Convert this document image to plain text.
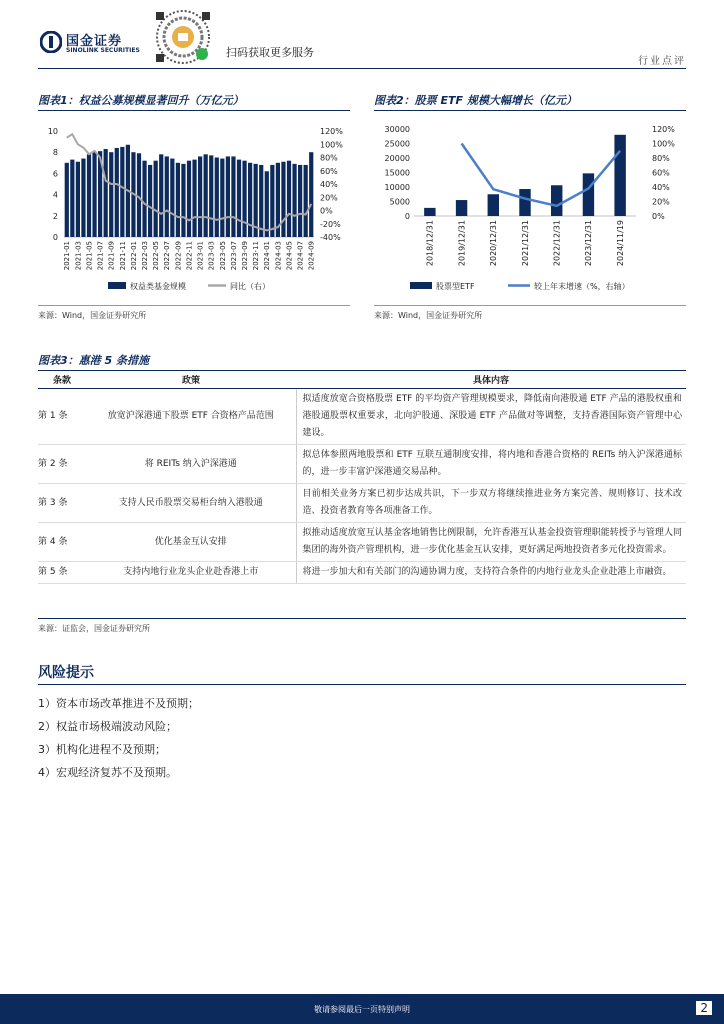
国金证券
SINOLINK SECURITIES	扫码获取更多服务
行业点评
图表1：权益公募规模显著回升（万亿元）
0
2
4
6
8
10
-40%
-20%
0%
20%
40%
60%
80%
100%
120%
2021-01 2021-03 2021-05 2021-07 2021-09 2021-11 2022-01 2022-03 2022-05 2022-07 2022-09 2022-11 2023-01 2023-03 2023-05 2023-07 2023-09 2023-11 2024-01 2024-03 2024-05 2024-07 2024-09
权益类基金规模	同比（右）
来源：Wind，国金证券研究所
图表2：股票 ETF 规模大幅增长（亿元）
0
5000
10000
15000
20000
25000
30000
0%
20%
40%
60%
80%
100%
120%
2018/12/31	2019/12/31	2020/12/31	2021/12/31	2022/12/31	2023/12/31	2024/11/19
股票型ETF	较上年末增速（%，右轴）
来源：Wind，国金证券研究所
图表3：惠港 5 条措施
条款	政策	具体内容
第 1 条	放宽沪深港通下股票 ETF 合资格产品范围	拟适度放宽合资格股票 ETF 的平均资产管理规模要求，降低南向港股通 ETF 产品的港股权重和港股通股票权重要求，北向沪股通、深股通 ETF 产品做对等调整，支持香港国际资产管理中心建设。
第 2 条	将 REITs 纳入沪深港通	拟总体参照两地股票和 ETF 互联互通制度安排，将内地和香港合资格的 REITs 纳入沪深港通标的，进一步丰富沪深港通交易品种。
第 3 条	支持人民币股票交易柜台纳入港股通	目前相关业务方案已初步达成共识，下一步双方将继续推进业务方案完善、规则修订、技术改造、投资者教育等各项准备工作。
第 4 条	优化基金互认安排	拟推动适度放宽互认基金客地销售比例限制，允许香港互认基金投资管理职能转授予与管理人同集团的海外资产管理机构，进一步优化基金互认安排，更好满足两地投资者多元化投资需求。
第 5 条	支持内地行业龙头企业赴香港上市	将进一步加大和有关部门的沟通协调力度，支持符合条件的内地行业龙头企业赴港上市融资。
来源：证监会，国金证券研究所
风险提示
1）资本市场改革推进不及预期；
2）权益市场极端波动风险；
3）机构化进程不及预期；
4）宏观经济复苏不及预期。
敬请参阅最后一页特别声明	2
